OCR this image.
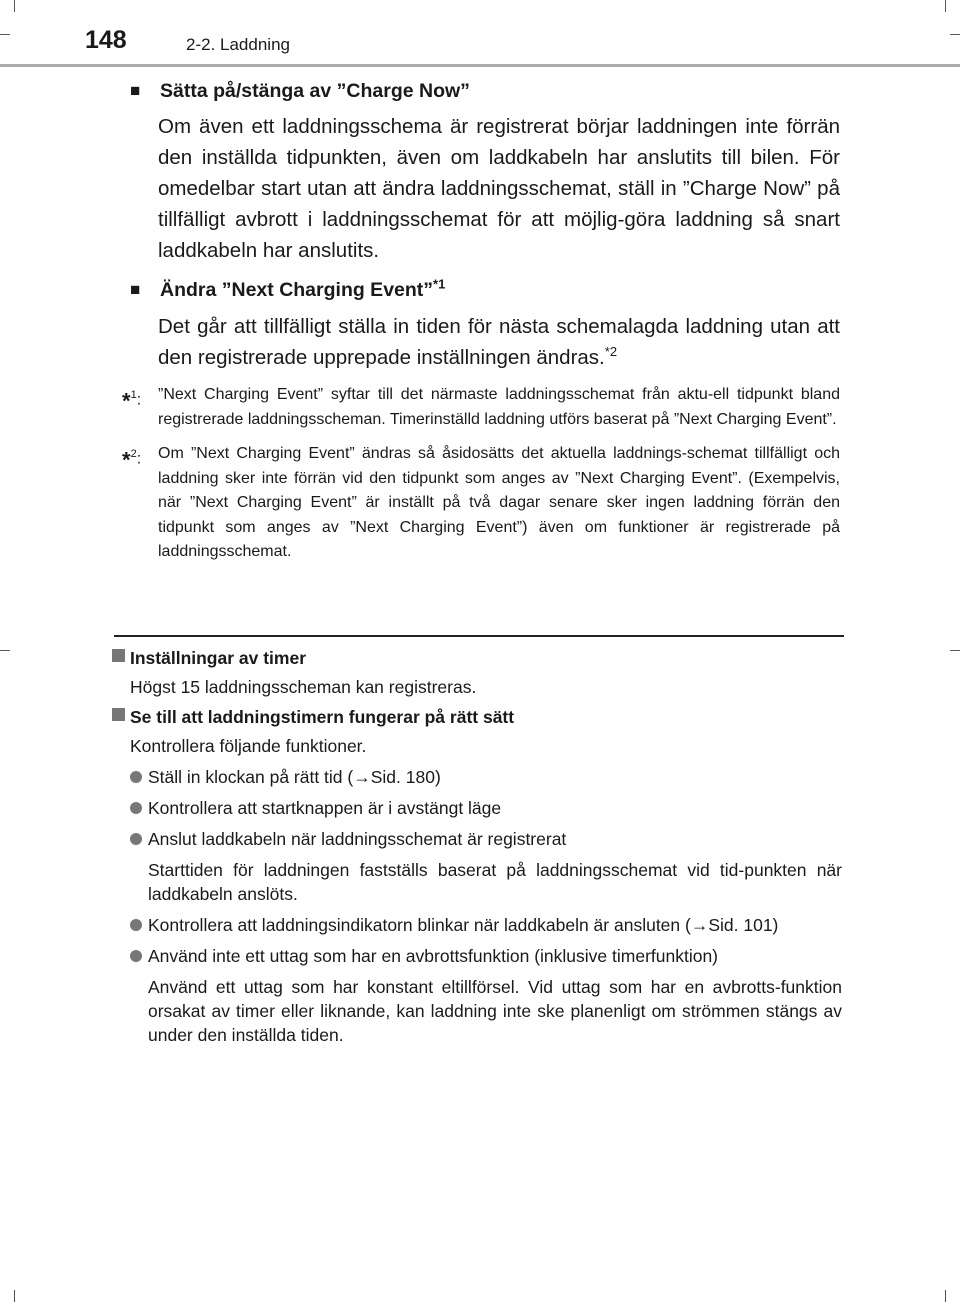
148	2-2. Laddning
■	Sätta på/stänga av ”Charge Now”
Om även ett laddningsschema är registrerat börjar laddningen inte förrän den inställda tidpunkten, även om laddkabeln har anslutits till bilen. För omedelbar start utan att ändra laddningsschemat, ställ in ”Charge Now” på tillfälligt avbrott i laddningsschemat för att möjlig-göra laddning så snart laddkabeln har anslutits.
■	Ändra ”Next Charging Event”$^{*1}$
Det går att tillfälligt ställa in tiden för nästa schemalagda laddning utan att den registrerade upprepade inställningen ändras.$^{*2}$
*$^1$:	”Next Charging Event” syftar till det närmaste laddningsschemat från aktu-ell tidpunkt bland registrerade laddningsscheman. Timerinställd laddning utförs baserat på ”Next Charging Event”.
*$^2$:	Om ”Next Charging Event” ändras så åsidosätts det aktuella laddnings-schemat tillfälligt och laddning sker inte förrän vid den tidpunkt som anges av ”Next Charging Event”. (Exempelvis, när ”Next Charging Event” är inställt på två dagar senare sker ingen laddning förrän den tidpunkt som anges av ”Next Charging Event”) även om funktioner är registrerade på laddningsschemat.
Inställningar av timer
Högst 15 laddningsscheman kan registreras.
Se till att laddningstimern fungerar på rätt sätt
Kontrollera följande funktioner.
Ställ in klockan på rätt tid (→Sid. 180)
Kontrollera att startknappen är i avstängt läge
Anslut laddkabeln när laddningsschemat är registrerat
Starttiden för laddningen fastställs baserat på laddningsschemat vid tid-punkten när laddkabeln anslöts.
Kontrollera att laddningsindikatorn blinkar när laddkabeln är ansluten (→Sid. 101)
Använd inte ett uttag som har en avbrottsfunktion (inklusive timerfunktion)
Använd ett uttag som har konstant eltillförsel. Vid uttag som har en avbrotts-funktion orsakat av timer eller liknande, kan laddning inte ske planenligt om strömmen stängs av under den inställda tiden.
